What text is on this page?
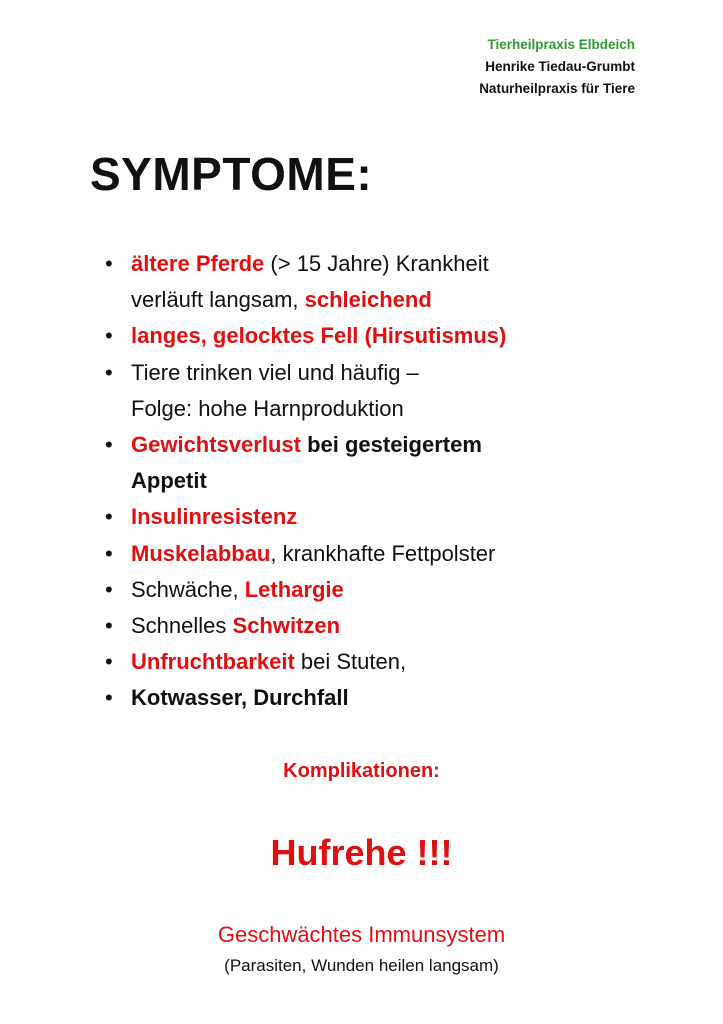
Tierheilpraxis Elbdeich
Henrike Tiedau-Grumbt
Naturheilpraxis für Tiere
SYMPTOME:
• ältere Pferde (> 15 Jahre) Krankheit
verläuft langsam, schleichend
• langes, gelocktes Fell (Hirsutismus)
• Tiere trinken viel und häufig –
Folge: hohe Harnproduktion
• Gewichtsverlust bei gesteigertem
Appetit
• Insulinresistenz
• Muskelabbau, krankhafte Fettpolster
• Schwäche, Lethargie
• Schnelles Schwitzen
• Unfruchtbarkeit bei Stuten,
• Kotwasser, Durchfall
Komplikationen:
Hufrehe !!!
Geschwächtes Immunsystem
(Parasiten, Wunden heilen langsam)
